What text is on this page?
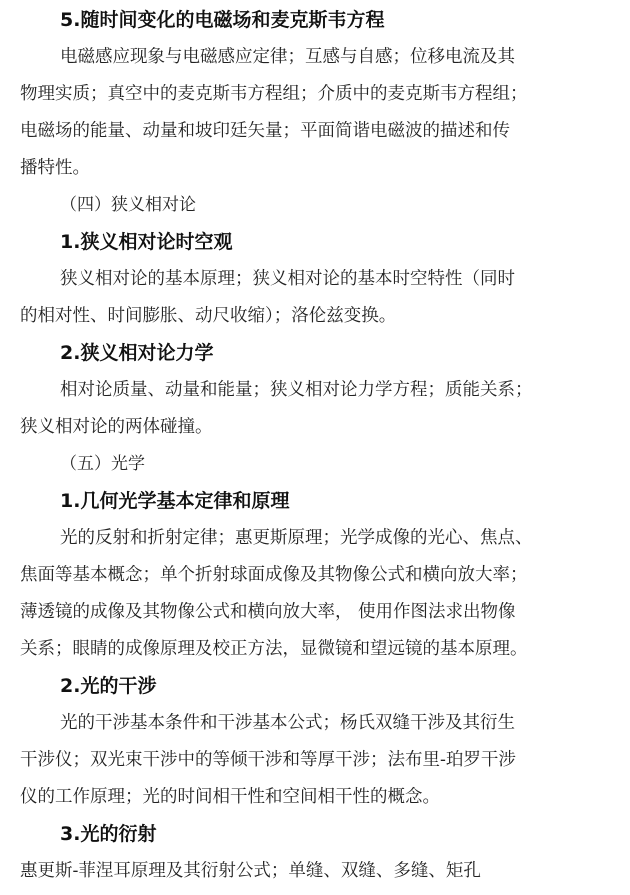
5.随时间变化的电磁场和麦克斯韦方程
电磁感应现象与电磁感应定律；互感与自感；位移电流及其
物理实质；真空中的麦克斯韦方程组；介质中的麦克斯韦方程组；
电磁场的能量、动量和坡印廷矢量；平面简谐电磁波的描述和传
播特性。
（四）狭义相对论
1.狭义相对论时空观
狭义相对论的基本原理；狭义相对论的基本时空特性（同时
的相对性、时间膨胀、动尺收缩）；洛伦兹变换。
2.狭义相对论力学
相对论质量、动量和能量；狭义相对论力学方程；质能关系；
狭义相对论的两体碰撞。
（五）光学
1.几何光学基本定律和原理
光的反射和折射定律；惠更斯原理；光学成像的光心、焦点、
焦面等基本概念；单个折射球面成像及其物像公式和横向放大率；
薄透镜的成像及其物像公式和横向放大率， 使用作图法求出物像
关系；眼睛的成像原理及校正方法，显微镜和望远镜的基本原理。
2.光的干涉
光的干涉基本条件和干涉基本公式；杨氏双缝干涉及其衍生
干涉仪；双光束干涉中的等倾干涉和等厚干涉；法布里-珀罗干涉
仪的工作原理；光的时间相干性和空间相干性的概念。
3.光的衍射
惠更斯-菲涅耳原理及其衍射公式；单缝、双缝、多缝、矩孔
